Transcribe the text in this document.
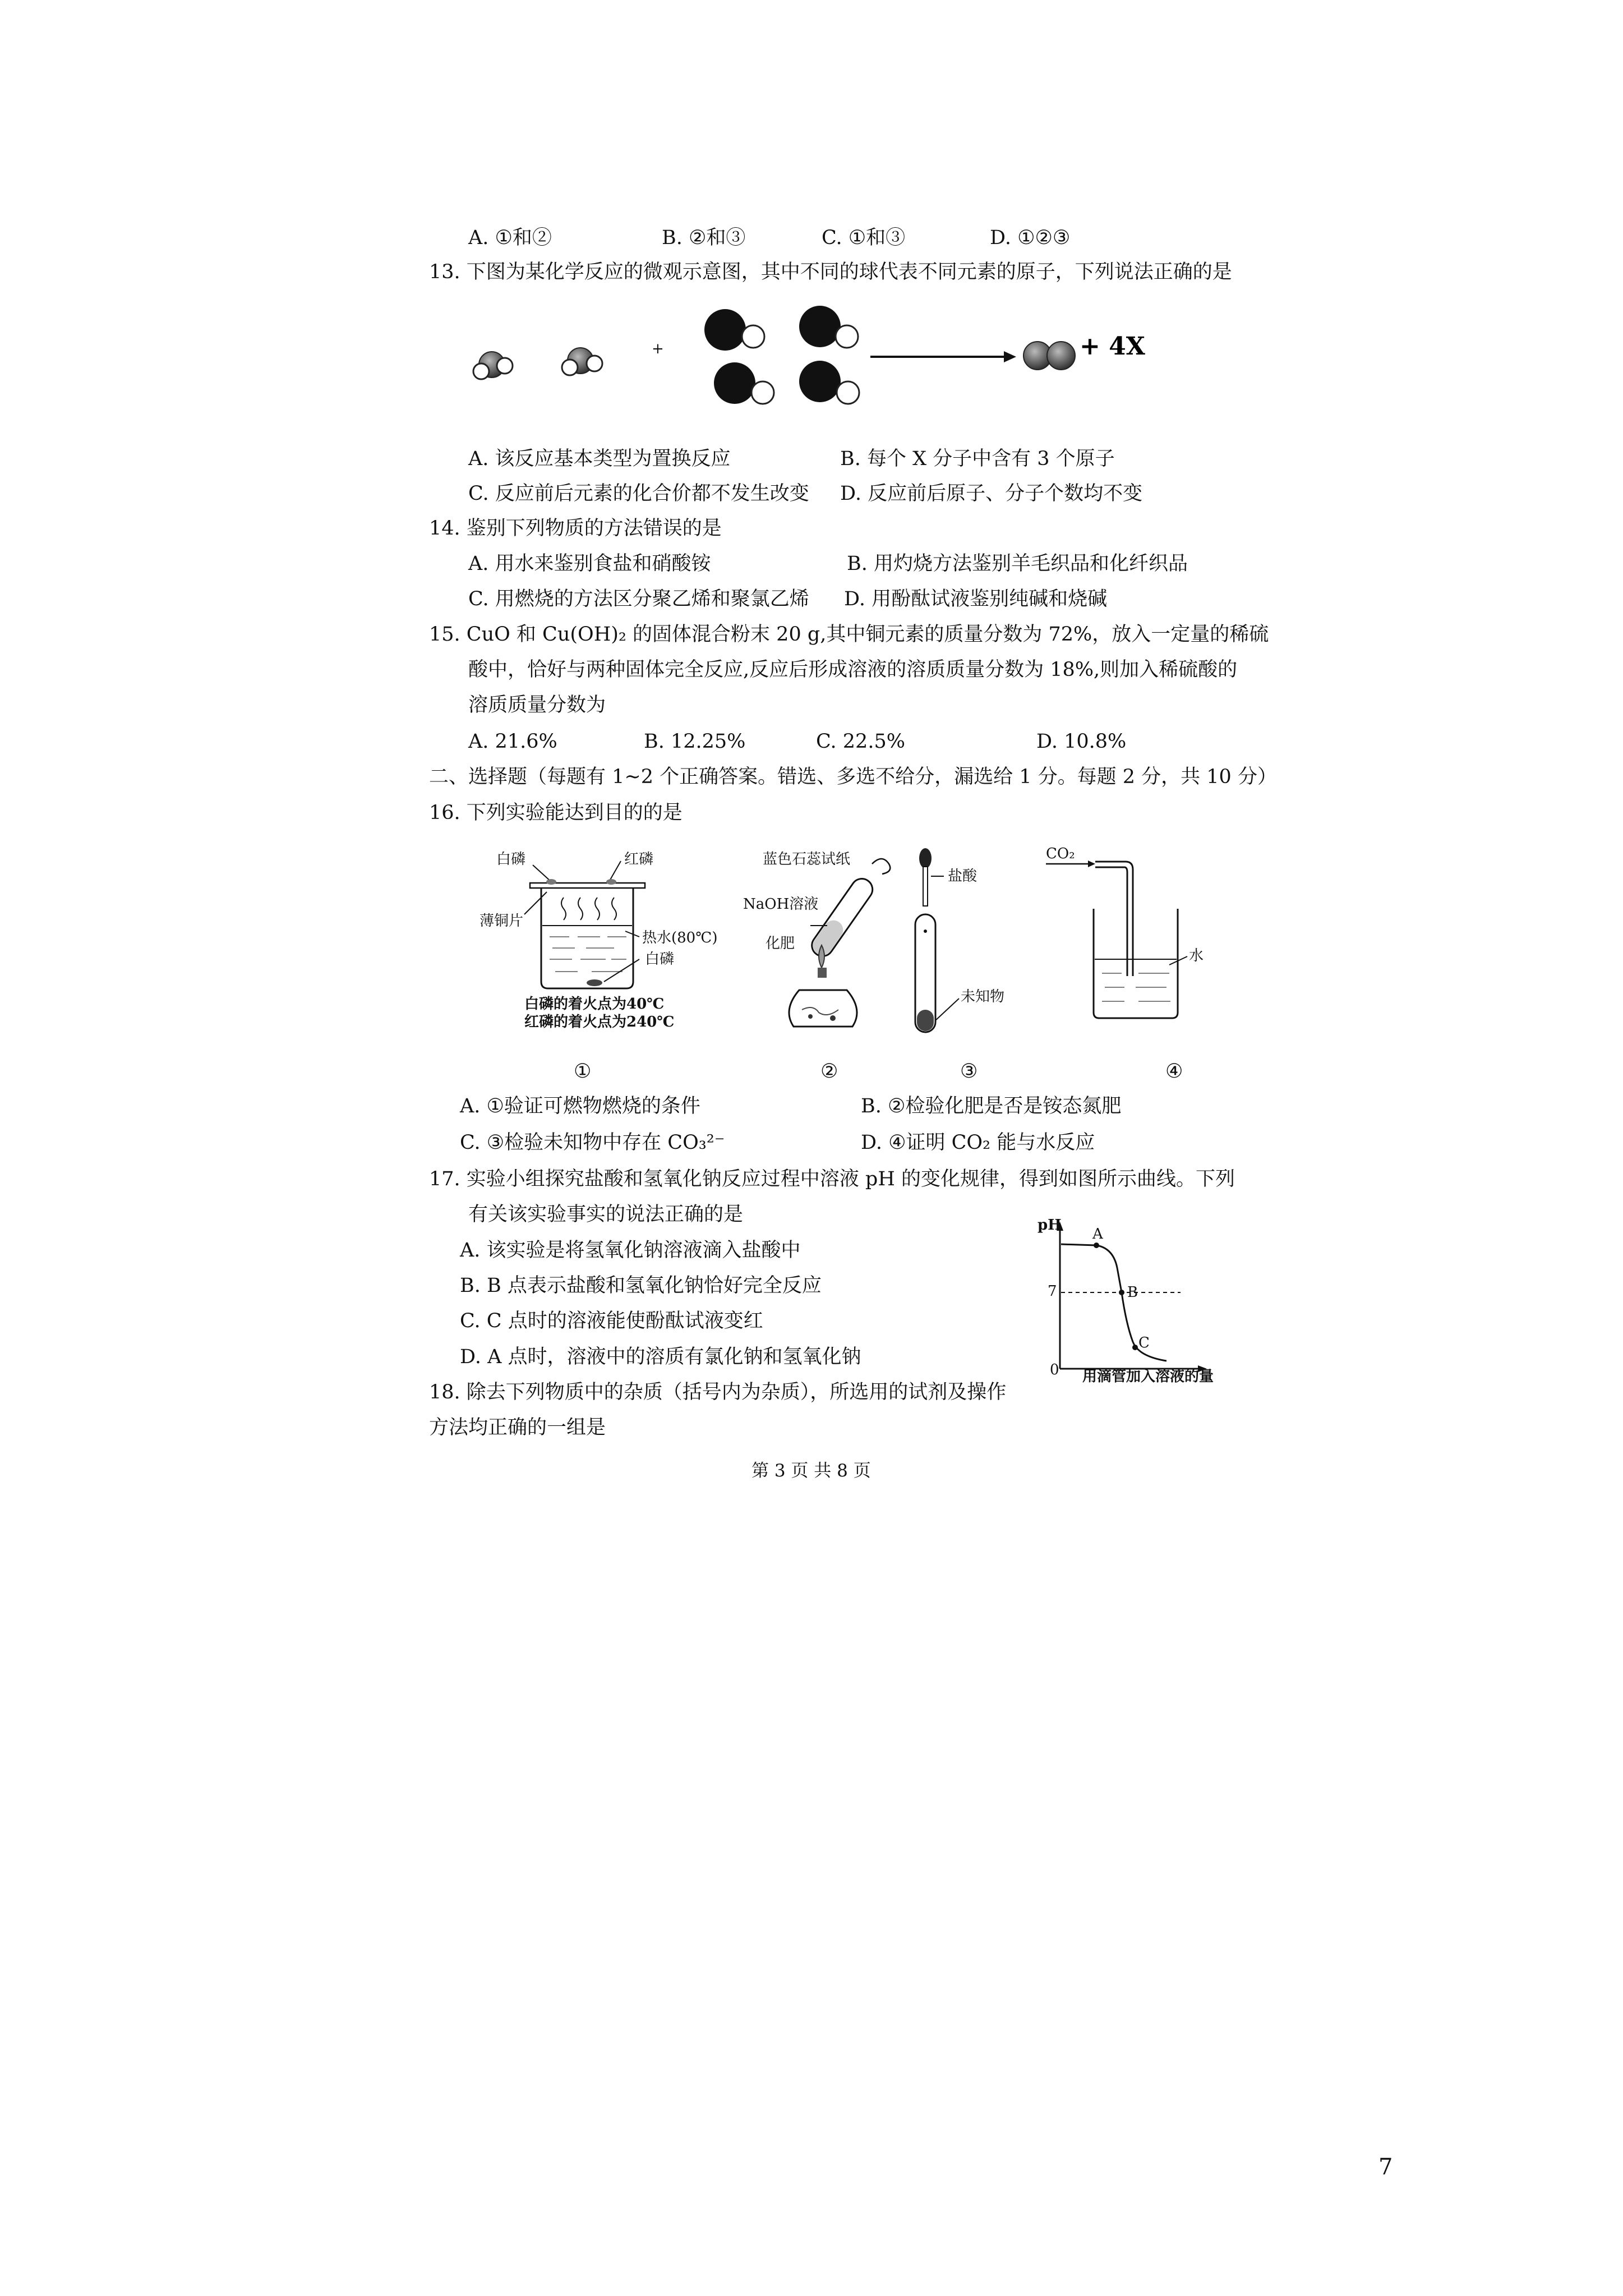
A. ①和②	B. ②和③	C. ①和③	D. ①②③
13. 下图为某化学反应的微观示意图，其中不同的球代表不同元素的原子，下列说法正确的是
+	+ 4X
A. 该反应基本类型为置换反应	B. 每个 X 分子中含有 3 个原子
C. 反应前后元素的化合价都不发生改变 D. 反应前后原子、分子个数均不变
14. 鉴别下列物质的方法错误的是
A. 用水来鉴别食盐和硝酸铵	B. 用灼烧方法鉴别羊毛织品和化纤织品
C. 用燃烧的方法区分聚乙烯和聚氯乙烯 D. 用酚酞试液鉴别纯碱和烧碱
15. CuO 和 Cu(OH)₂ 的固体混合粉末 20 g,其中铜元素的质量分数为 72%，放入一定量的稀硫
酸中，恰好与两种固体完全反应,反应后形成溶液的溶质质量分数为 18%,则加入稀硫酸的
溶质质量分数为
A. 21.6%	B. 12.25%	C. 22.5%	D. 10.8%
二、选择题（每题有 1~2 个正确答案。错选、多选不给分，漏选给 1 分。每题 2 分，共 10 分）
16. 下列实验能达到目的的是
白磷	红磷
薄铜片
热水(80℃)
白磷
白磷的着火点为40℃
红磷的着火点为240℃
蓝色石蕊试纸
NaOH溶液
化肥
盐酸
未知物
CO₂
水
①	②	③	④
A. ①验证可燃物燃烧的条件	B. ②检验化肥是否是铵态氮肥
C. ③检验未知物中存在 CO₃²⁻	D. ④证明 CO₂ 能与水反应
17. 实验小组探究盐酸和氢氧化钠反应过程中溶液 pH 的变化规律，得到如图所示曲线。下列
有关该实验事实的说法正确的是
A. 该实验是将氢氧化钠溶液滴入盐酸中
B. B 点表示盐酸和氢氧化钠恰好完全反应
C. C 点时的溶液能使酚酞试液变红
D. A 点时，溶液中的溶质有氯化钠和氢氧化钠
pH
7
0
A
B
C
用滴管加入溶液的量
18. 除去下列物质中的杂质（括号内为杂质），所选用的试剂及操作
方法均正确的一组是
第 3 页 共 8 页
7
